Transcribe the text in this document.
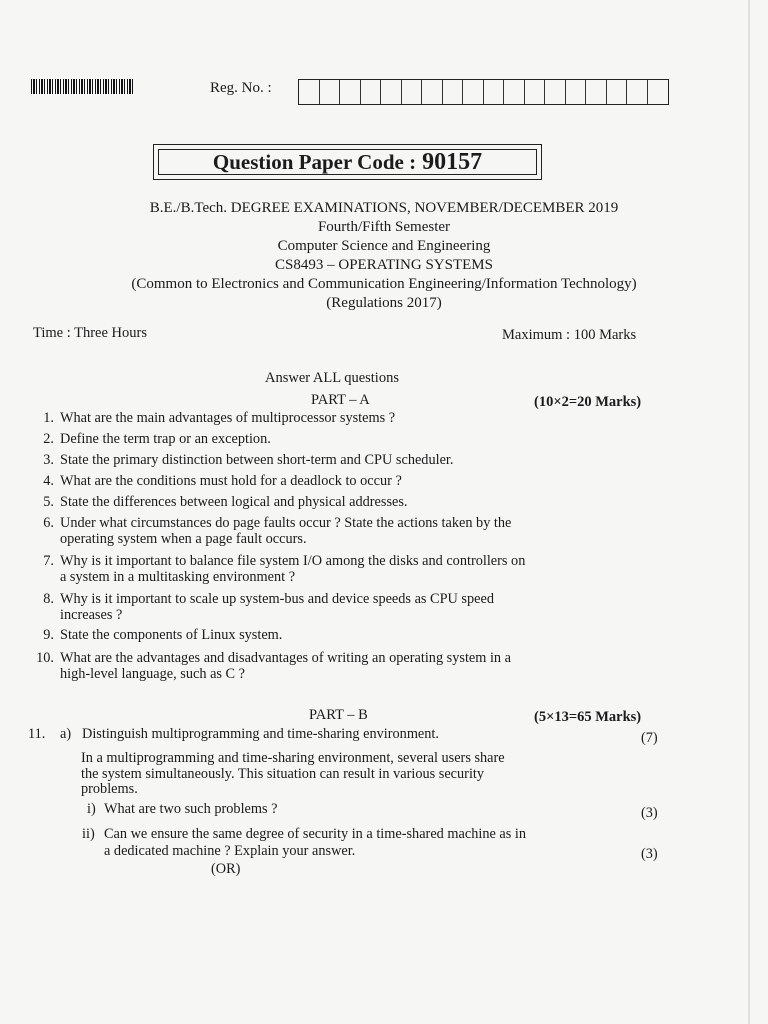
Reg. No. :
Question Paper Code : 90157
B.E./B.Tech. DEGREE EXAMINATIONS, NOVEMBER/DECEMBER 2019
Fourth/Fifth Semester
Computer Science and Engineering
CS8493 – OPERATING SYSTEMS
(Common to Electronics and Communication Engineering/Information Technology)
(Regulations 2017)
Time : Three Hours	Maximum : 100 Marks
Answer ALL questions
PART – A	(10×2=20 Marks)
1. What are the main advantages of multiprocessor systems ?
2. Define the term trap or an exception.
3. State the primary distinction between short-term and CPU scheduler.
4. What are the conditions must hold for a deadlock to occur ?
5. State the differences between logical and physical addresses.
6. Under what circumstances do page faults occur ? State the actions taken by the
operating system when a page fault occurs.
7. Why is it important to balance file system I/O among the disks and controllers on
a system in a multitasking environment ?
8. Why is it important to scale up system-bus and device speeds as CPU speed
increases ?
9. State the components of Linux system.
10. What are the advantages and disadvantages of writing an operating system in a
high-level language, such as C ?
PART – B	(5×13=65 Marks)
11. a) Distinguish multiprogramming and time-sharing environment.	(7)
In a multiprogramming and time-sharing environment, several users share
the system simultaneously. This situation can result in various security
problems.
i) What are two such problems ?	(3)
ii) Can we ensure the same degree of security in a time-shared machine as in
a dedicated machine ? Explain your answer.	(3)
(OR)
